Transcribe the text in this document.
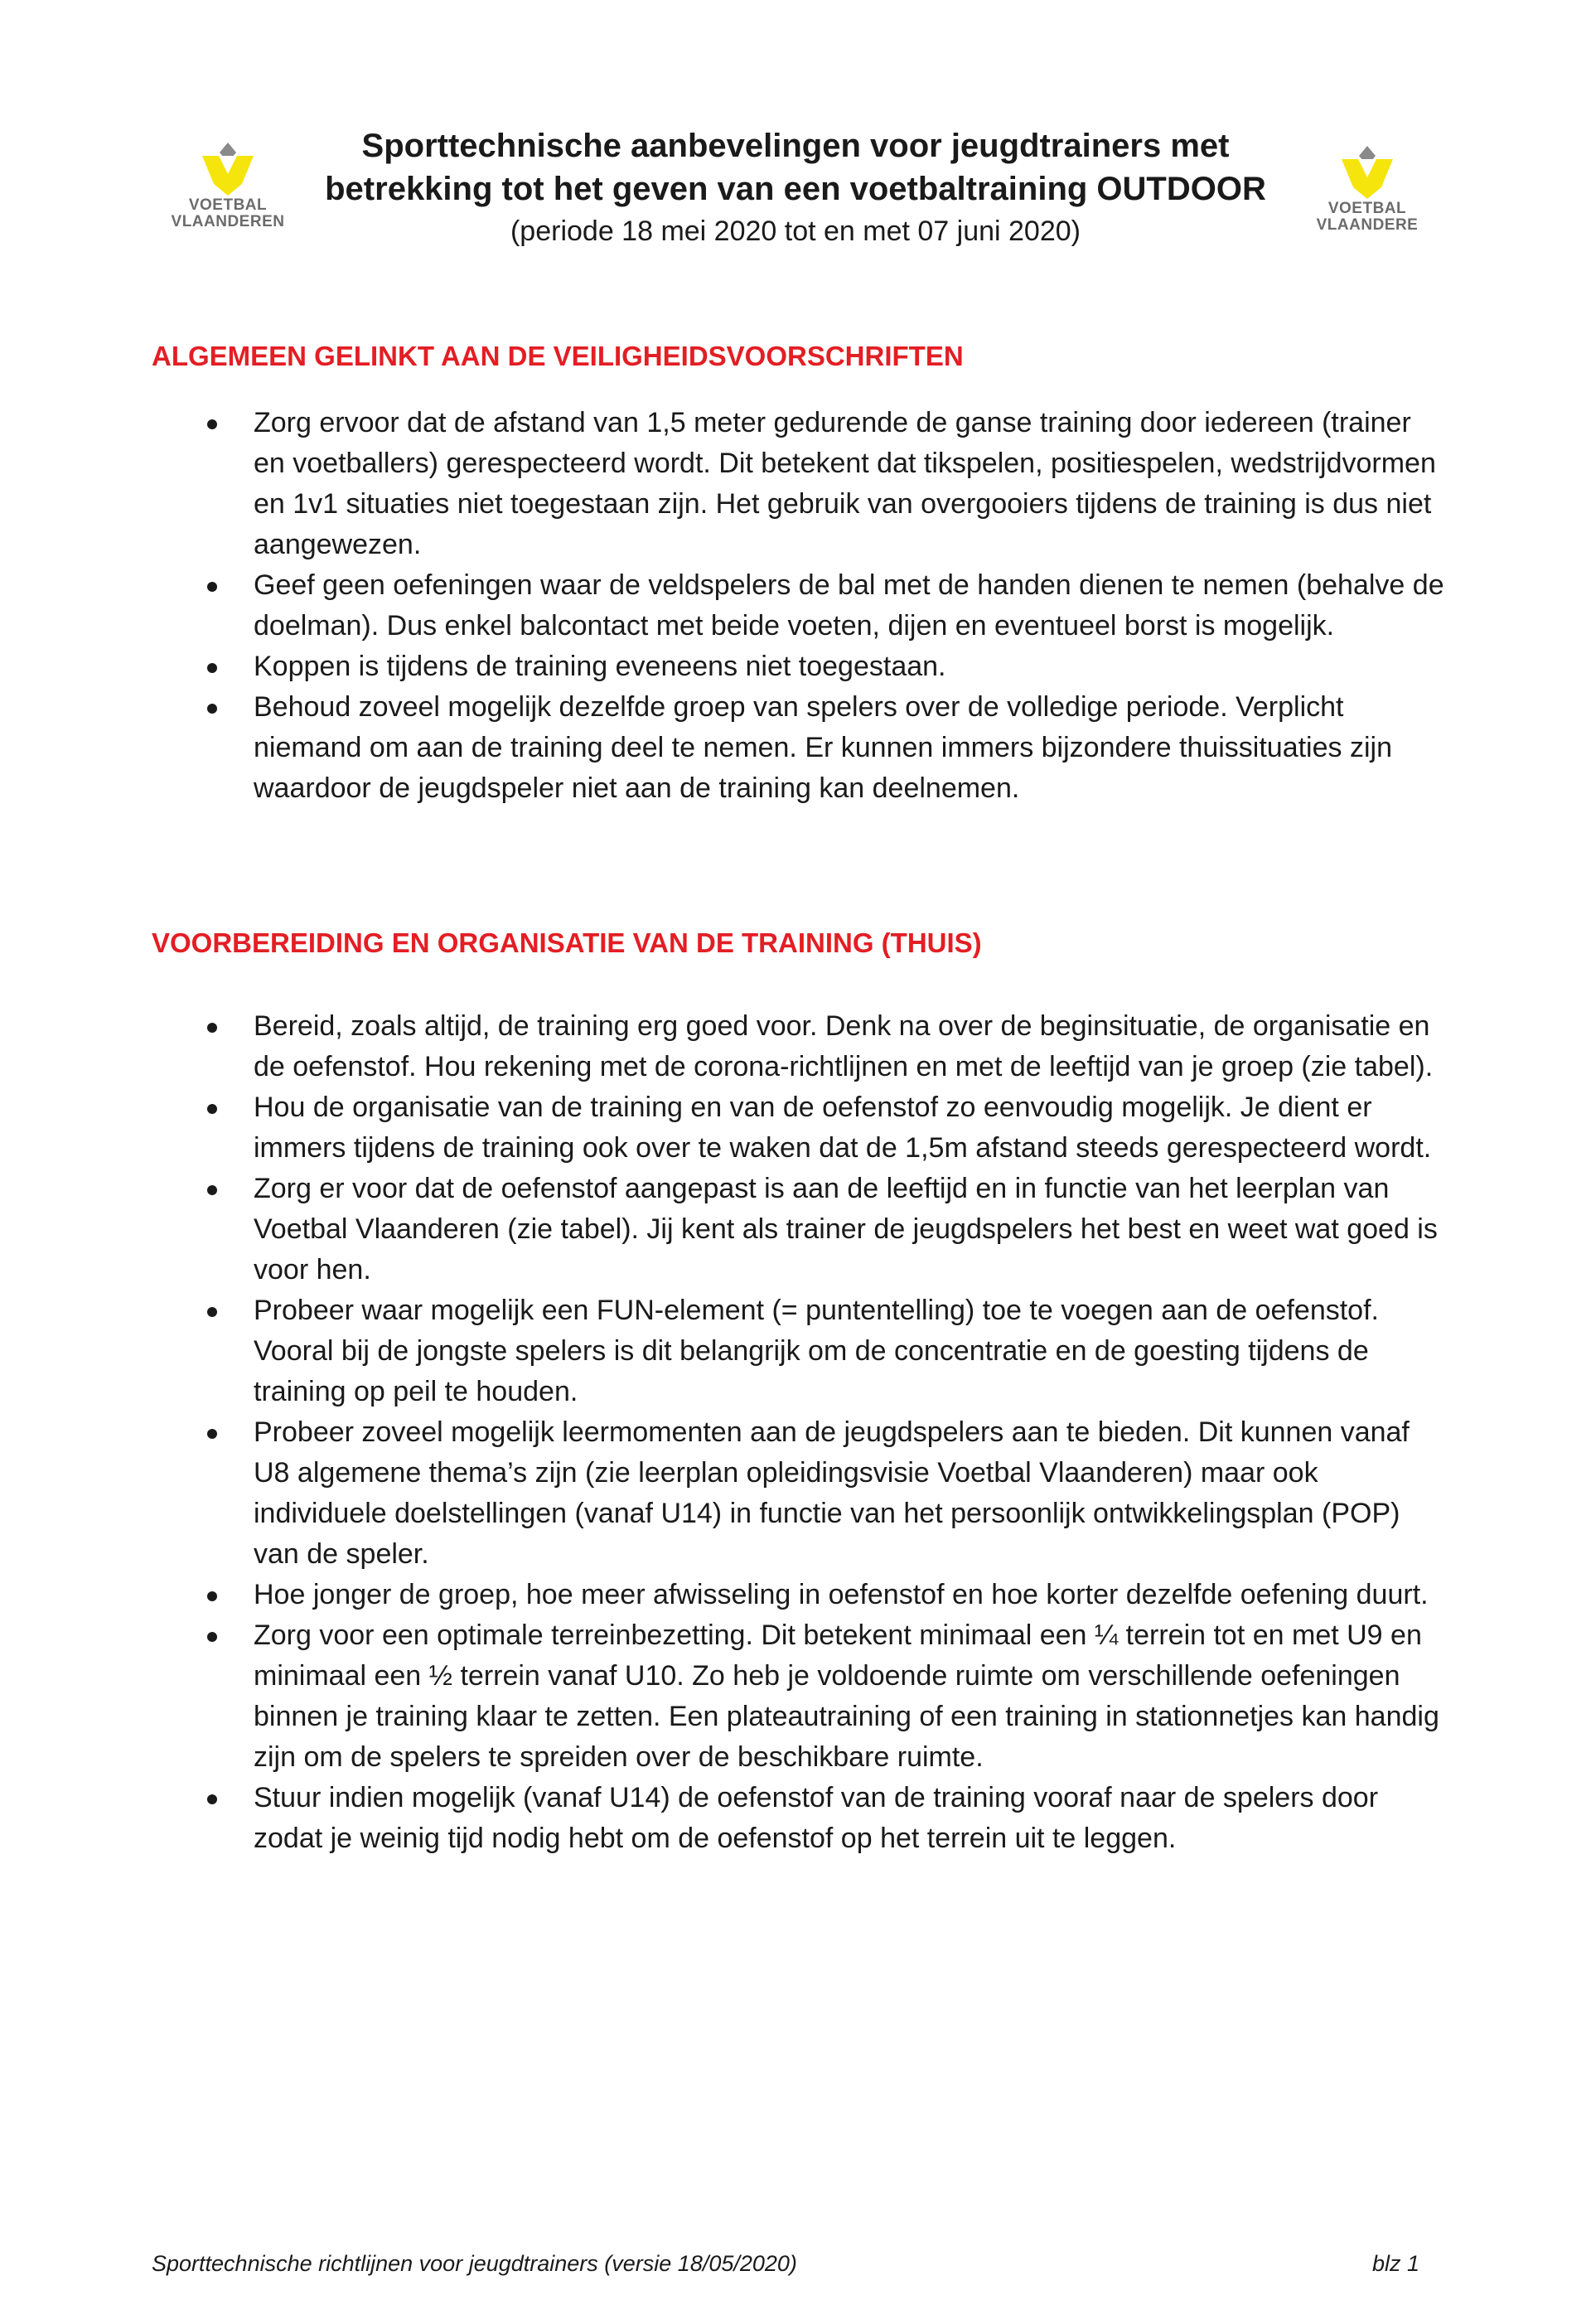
VOETBAL
VLAANDEREN
Sporttechnische aanbevelingen voor jeugdtrainers met
betrekking tot het geven van een voetbaltraining OUTDOOR
(periode 18 mei 2020 tot en met 07 juni 2020)
VOETBAL
VLAANDERE
ALGEMEEN GELINKT AAN DE VEILIGHEIDSVOORSCHRIFTEN
Zorg ervoor dat de afstand van 1,5 meter gedurende de ganse training door iedereen (trainer en voetballers) gerespecteerd wordt. Dit betekent dat tikspelen, positiespelen, wedstrijdvormen en 1v1 situaties niet toegestaan zijn. Het gebruik van overgooiers tijdens de training is dus niet aangewezen.
Geef geen oefeningen waar de veldspelers de bal met de handen dienen te nemen (behalve de doelman). Dus enkel balcontact met beide voeten, dijen en eventueel borst is mogelijk.
Koppen is tijdens de training eveneens niet toegestaan.
Behoud zoveel mogelijk dezelfde groep van spelers over de volledige periode. Verplicht niemand om aan de training deel te nemen. Er kunnen immers bijzondere thuissituaties zijn waardoor de jeugdspeler niet aan de training kan deelnemen.
VOORBEREIDING EN ORGANISATIE VAN DE TRAINING (THUIS)
Bereid, zoals altijd, de training erg goed voor. Denk na over de beginsituatie, de organisatie en de oefenstof. Hou rekening met de corona-richtlijnen en met de leeftijd van je groep (zie tabel).
Hou de organisatie van de training en van de oefenstof zo eenvoudig mogelijk. Je dient er immers tijdens de training ook over te waken dat de 1,5m afstand steeds gerespecteerd wordt.
Zorg er voor dat de oefenstof aangepast is aan de leeftijd en in functie van het leerplan van Voetbal Vlaanderen (zie tabel). Jij kent als trainer de jeugdspelers het best en weet wat goed is voor hen.
Probeer waar mogelijk een FUN-element (= puntentelling) toe te voegen aan de oefenstof. Vooral bij de jongste spelers is dit belangrijk om de concentratie en de goesting tijdens de training op peil te houden.
Probeer zoveel mogelijk leermomenten aan de jeugdspelers aan te bieden. Dit kunnen vanaf U8 algemene thema’s zijn (zie leerplan opleidingsvisie Voetbal Vlaanderen) maar ook individuele doelstellingen (vanaf U14) in functie van het persoonlijk ontwikkelingsplan (POP) van de speler.
Hoe jonger de groep, hoe meer afwisseling in oefenstof en hoe korter dezelfde oefening duurt.
Zorg voor een optimale terreinbezetting. Dit betekent minimaal een ¼ terrein tot en met U9 en minimaal een ½ terrein vanaf U10. Zo heb je voldoende ruimte om verschillende oefeningen binnen je training klaar te zetten. Een plateautraining of een training in stationnetjes kan handig zijn om de spelers te spreiden over de beschikbare ruimte.
Stuur indien mogelijk (vanaf U14) de oefenstof van de training vooraf naar de spelers door zodat je weinig tijd nodig hebt om de oefenstof op het terrein uit te leggen.
Sporttechnische richtlijnen voor jeugdtrainers (versie 18/05/2020)	blz 1
